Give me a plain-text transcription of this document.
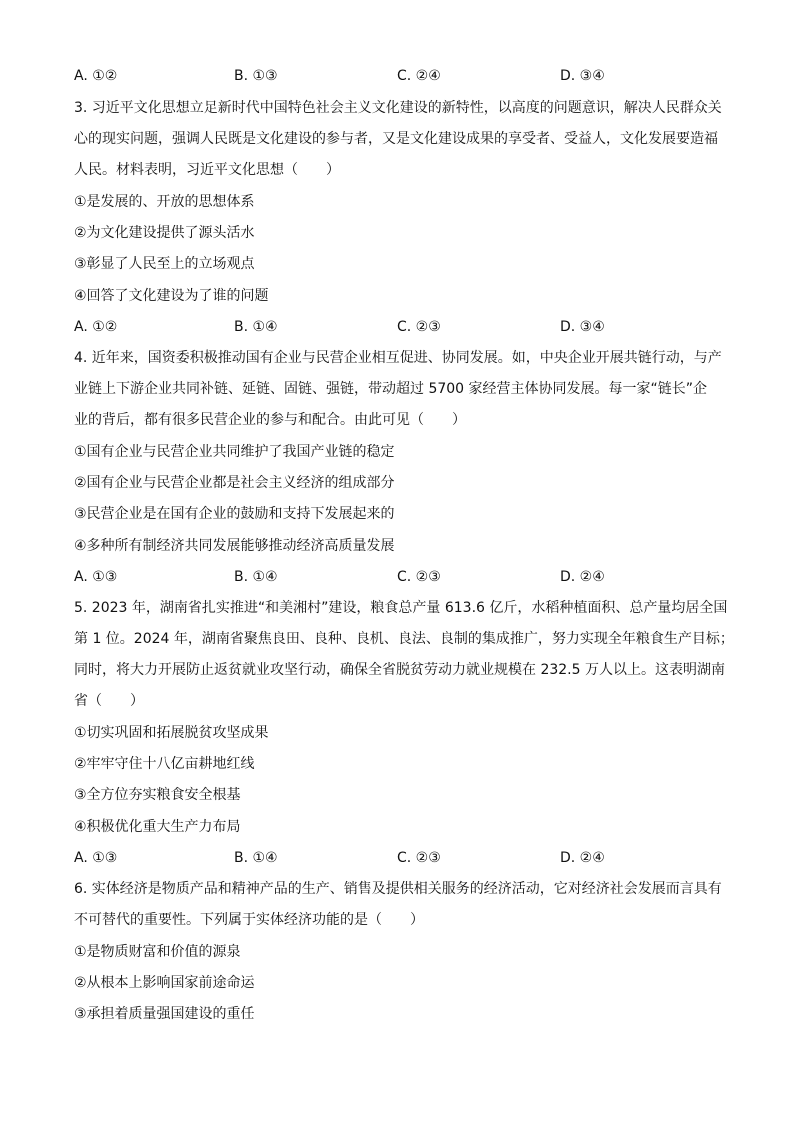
A. ①②	B. ①③	C. ②④	D. ③④
3. 习近平文化思想立足新时代中国特色社会主义文化建设的新特性，以高度的问题意识，解决人民群众关
心的现实问题，强调人民既是文化建设的参与者，又是文化建设成果的享受者、受益人，文化发展要造福
人民。材料表明，习近平文化思想（　　）
①是发展的、开放的思想体系
②为文化建设提供了源头活水
③彰显了人民至上的立场观点
④回答了文化建设为了谁的问题
A. ①②	B. ①④	C. ②③	D. ③④
4. 近年来，国资委积极推动国有企业与民营企业相互促进、协同发展。如，中央企业开展共链行动，与产
业链上下游企业共同补链、延链、固链、强链，带动超过 5700 家经营主体协同发展。每一家“链长”企
业的背后，都有很多民营企业的参与和配合。由此可见（　　）
①国有企业与民营企业共同维护了我国产业链的稳定
②国有企业与民营企业都是社会主义经济的组成部分
③民营企业是在国有企业的鼓励和支持下发展起来的
④多种所有制经济共同发展能够推动经济高质量发展
A. ①③	B. ①④	C. ②③	D. ②④
5. 2023 年，湖南省扎实推进“和美湘村”建设，粮食总产量 613.6 亿斤，水稻种植面积、总产量均居全国
第 1 位。2024 年，湖南省聚焦良田、良种、良机、良法、良制的集成推广，努力实现全年粮食生产目标；
同时，将大力开展防止返贫就业攻坚行动，确保全省脱贫劳动力就业规模在 232.5 万人以上。这表明湖南
省（　　）
①切实巩固和拓展脱贫攻坚成果
②牢牢守住十八亿亩耕地红线
③全方位夯实粮食安全根基
④积极优化重大生产力布局
A. ①③	B. ①④	C. ②③	D. ②④
6. 实体经济是物质产品和精神产品的生产、销售及提供相关服务的经济活动，它对经济社会发展而言具有
不可替代的重要性。下列属于实体经济功能的是（　　）
①是物质财富和价值的源泉
②从根本上影响国家前途命运
③承担着质量强国建设的重任
